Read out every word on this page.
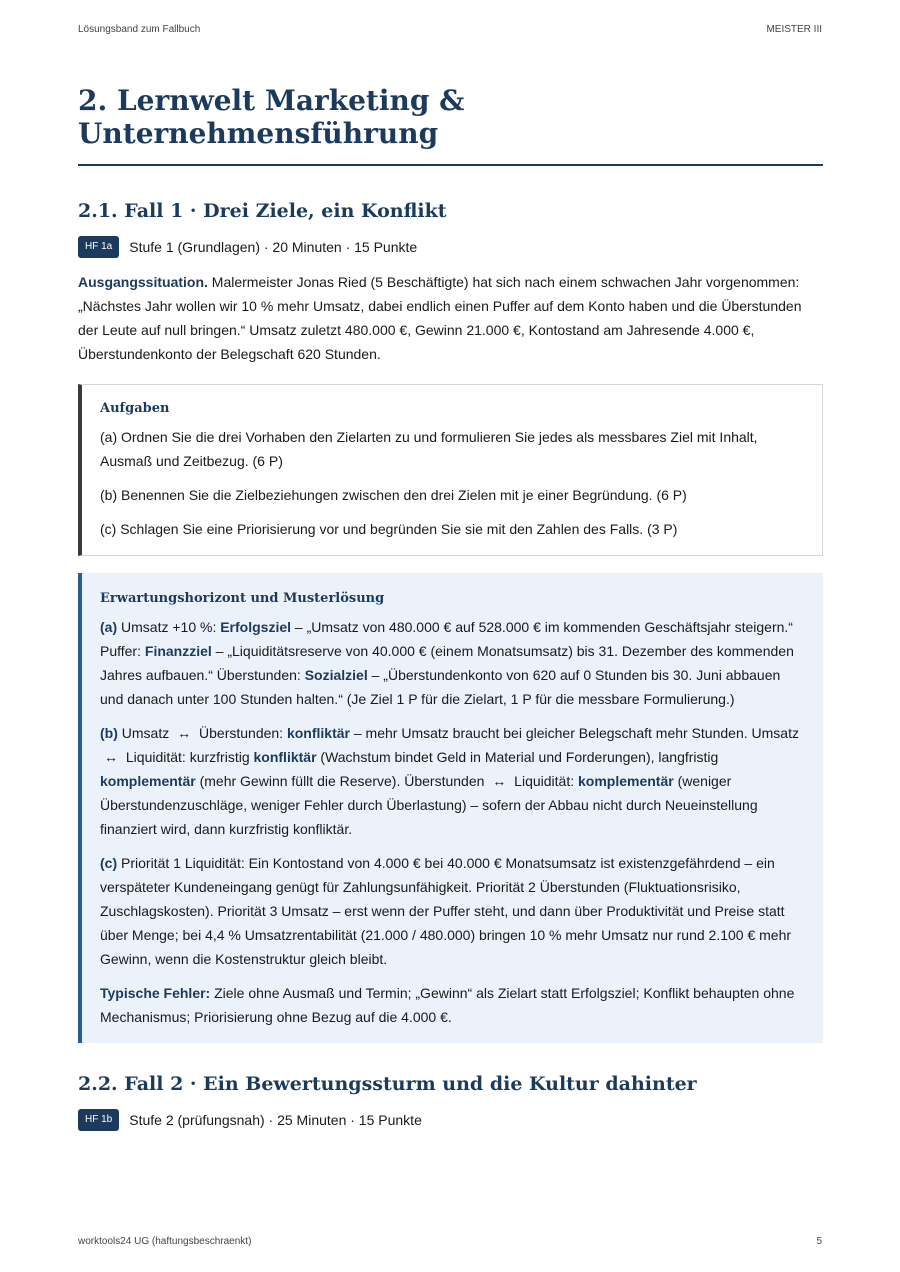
Lösungsband zum Fallbuch	MEISTER III
2. Lernwelt Marketing & Unternehmensführung
2.1. Fall 1 · Drei Ziele, ein Konflikt
HF 1a	Stufe 1 (Grundlagen) · 20 Minuten · 15 Punkte

Ausgangssituation. Malermeister Jonas Ried (5 Beschäftigte) hat sich nach einem schwachen Jahr vorgenommen: „Nächstes Jahr wollen wir 10 % mehr Umsatz, dabei endlich einen Puffer auf dem Konto haben und die Überstunden der Leute auf null bringen.“ Umsatz zuletzt 480.000 €, Gewinn 21.000 €, Kontostand am Jahresende 4.000 €, Überstundenkonto der Belegschaft 620 Stunden.

Aufgaben

(a) Ordnen Sie die drei Vorhaben den Zielarten zu und formulieren Sie jedes als messbares Ziel mit Inhalt, Ausmaß und Zeitbezug. (6 P)

(b) Benennen Sie die Zielbeziehungen zwischen den drei Zielen mit je einer Begründung. (6 P)

(c) Schlagen Sie eine Priorisierung vor und begründen Sie sie mit den Zahlen des Falls. (3 P)

Erwartungshorizont und Musterlösung

(a) Umsatz +10 %: Erfolgsziel – „Umsatz von 480.000 € auf 528.000 € im kommenden Geschäftsjahr steigern.“ Puffer: Finanzziel – „Liquiditätsreserve von 40.000 € (einem Monatsumsatz) bis 31. Dezember des kommenden Jahres aufbauen.“ Überstunden: Sozialziel – „Überstundenkonto von 620 auf 0 Stunden bis 30. Juni abbauen und danach unter 100 Stunden halten.“ (Je Ziel 1 P für die Zielart, 1 P für die messbare Formulierung.)

(b) Umsatz ↔ Überstunden: konfliktär – mehr Umsatz braucht bei gleicher Belegschaft mehr Stunden. Umsatz ↔ Liquidität: kurzfristig konfliktär (Wachstum bindet Geld in Material und Forderungen), langfristig komplementär (mehr Gewinn füllt die Reserve). Überstunden ↔ Liquidität: komplementär (weniger Überstundenzuschläge, weniger Fehler durch Überlastung) – sofern der Abbau nicht durch Neueinstellung finanziert wird, dann kurzfristig konfliktär.

(c) Priorität 1 Liquidität: Ein Kontostand von 4.000 € bei 40.000 € Monatsumsatz ist existenzgefährdend – ein verspäteter Kundeneingang genügt für Zahlungsunfähigkeit. Priorität 2 Überstunden (Fluktuationsrisiko, Zuschlagskosten). Priorität 3 Umsatz – erst wenn der Puffer steht, und dann über Produktivität und Preise statt über Menge; bei 4,4 % Umsatzrentabilität (21.000 / 480.000) bringen 10 % mehr Umsatz nur rund 2.100 € mehr Gewinn, wenn die Kostenstruktur gleich bleibt.

Typische Fehler: Ziele ohne Ausmaß und Termin; „Gewinn“ als Zielart statt Erfolgsziel; Konflikt behaupten ohne Mechanismus; Priorisierung ohne Bezug auf die 4.000 €.

2.2. Fall 2 · Ein Bewertungssturm und die Kultur dahinter
HF 1b	Stufe 2 (prüfungsnah) · 25 Minuten · 15 Punkte
worktools24 UG (haftungsbeschraenkt)	5
